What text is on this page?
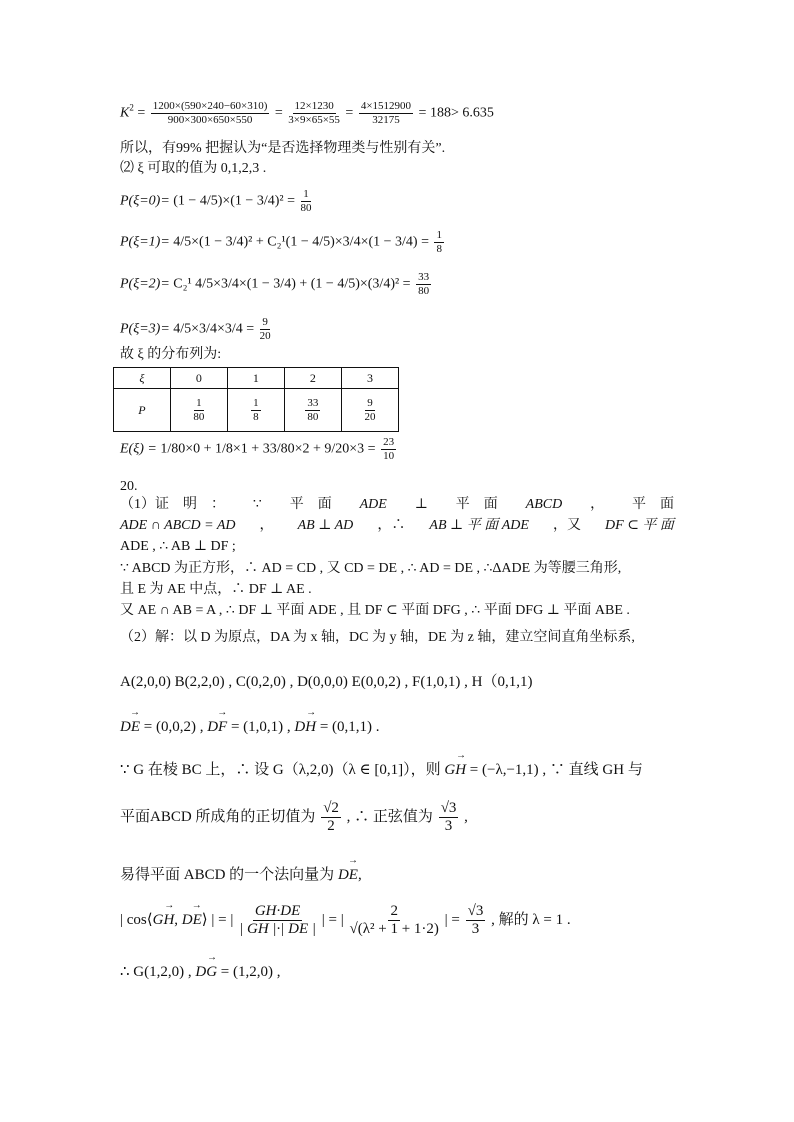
$K^2 = \frac{1200\times(590\times 240-60\times 310)}{900\times 300\times 650\times 550} = \frac{12\times 1230}{3\times 9\times 65\times 55} = \frac{4\times 1512900}{32175} = 188> 6.635$
所以，有99% 把握认为“是否选择物理类与性别有关”.
⑵ ξ 可取的值为 0,1,2,3 .
$P(\xi=0)= (1 - 4/5)\times(1 - 3/4)^2 = \frac{1}{80}$
$P(\xi=1)= 4/5\times(1 - 3/4)^2 + C_2^1(1 - 4/5)\times 3/4\times(1 - 3/4) = \frac{1}{8}$
P(ξ=2)= C₂¹ $4/5\times 3/4\times(1 - 3/4) + (1 - 4/5)\times(3/4)^2 = \frac{33}{80}$
$P(\xi=3)= 4/5\times 3/4\times 3/4 = \frac{9}{20}$
故 ξ 的分布列为:
ξ	0	1	2	3
P	$\frac{1}{80}$	$\frac{1}{8}$	$\frac{33}{80}$	$\frac{9}{20}$
$E(\xi) = 1/80\times 0 + 1/8\times 1 + 33/80\times 2 + 9/20\times 3 = \frac{23}{10}$
20.
（1）证　明　： ∵ 平　面 ADE ⊥ 平　面 ABCD ， 平　面
ADE ∩ ABCD = AD ， AB ⊥ AD ，∴ AB ⊥ 平 面 ADE ，又 DF ⊂ 平 面
ADE , ∴ AB ⊥ DF ;
∵ ABCD 为正方形，∴ AD = CD , 又 CD = DE , ∴ AD = DE , ∴ΔADE 为等腰三角形,
且 E 为 AE 中点，∴ DF ⊥ AE .
又 AE ∩ AB = A , ∴ DF ⊥ 平面 ADE , 且 DF ⊂ 平面 DFG , ∴ 平面 DFG ⊥ 平面 ABE .
（2）解：以 D 为原点，DA 为 x 轴，DC 为 y 轴，DE 为 z 轴，建立空间直角坐标系,
A(2,0,0) B(2,2,0) , C(0,2,0) , D(0,0,0) E(0,0,2) , F(1,0,1) , H（0,1,1)
→ DE = (0,0,2) , → DF = (1,0,1) , → DH = (0,1,1) .
∵ G 在棱 BC 上，∴ 设 G（λ,2,0)（λ ∈ [0,1]），则 → GH = (−λ,−1,1) , ∵ 直线 GH 与
平面ABCD 所成角的正切值为 $\frac{√2}{2}$ , ∴ 正弦值为 $\frac{√3}{3}$ ,
易得平面 ABCD 的一个法向量为 → DE,
| cos⟨→ GH, → DE⟩ | = | $\frac{GH\cdot DE}{| GH |\cdot| DE |}$ | = | $\frac{2}{\text{√(λ² + 1 + 1·2)}}$ | = $\frac{√3}{3}$ , 解的 λ = 1 .
∴ G(1,2,0) , → DG = (1,2,0) ,
